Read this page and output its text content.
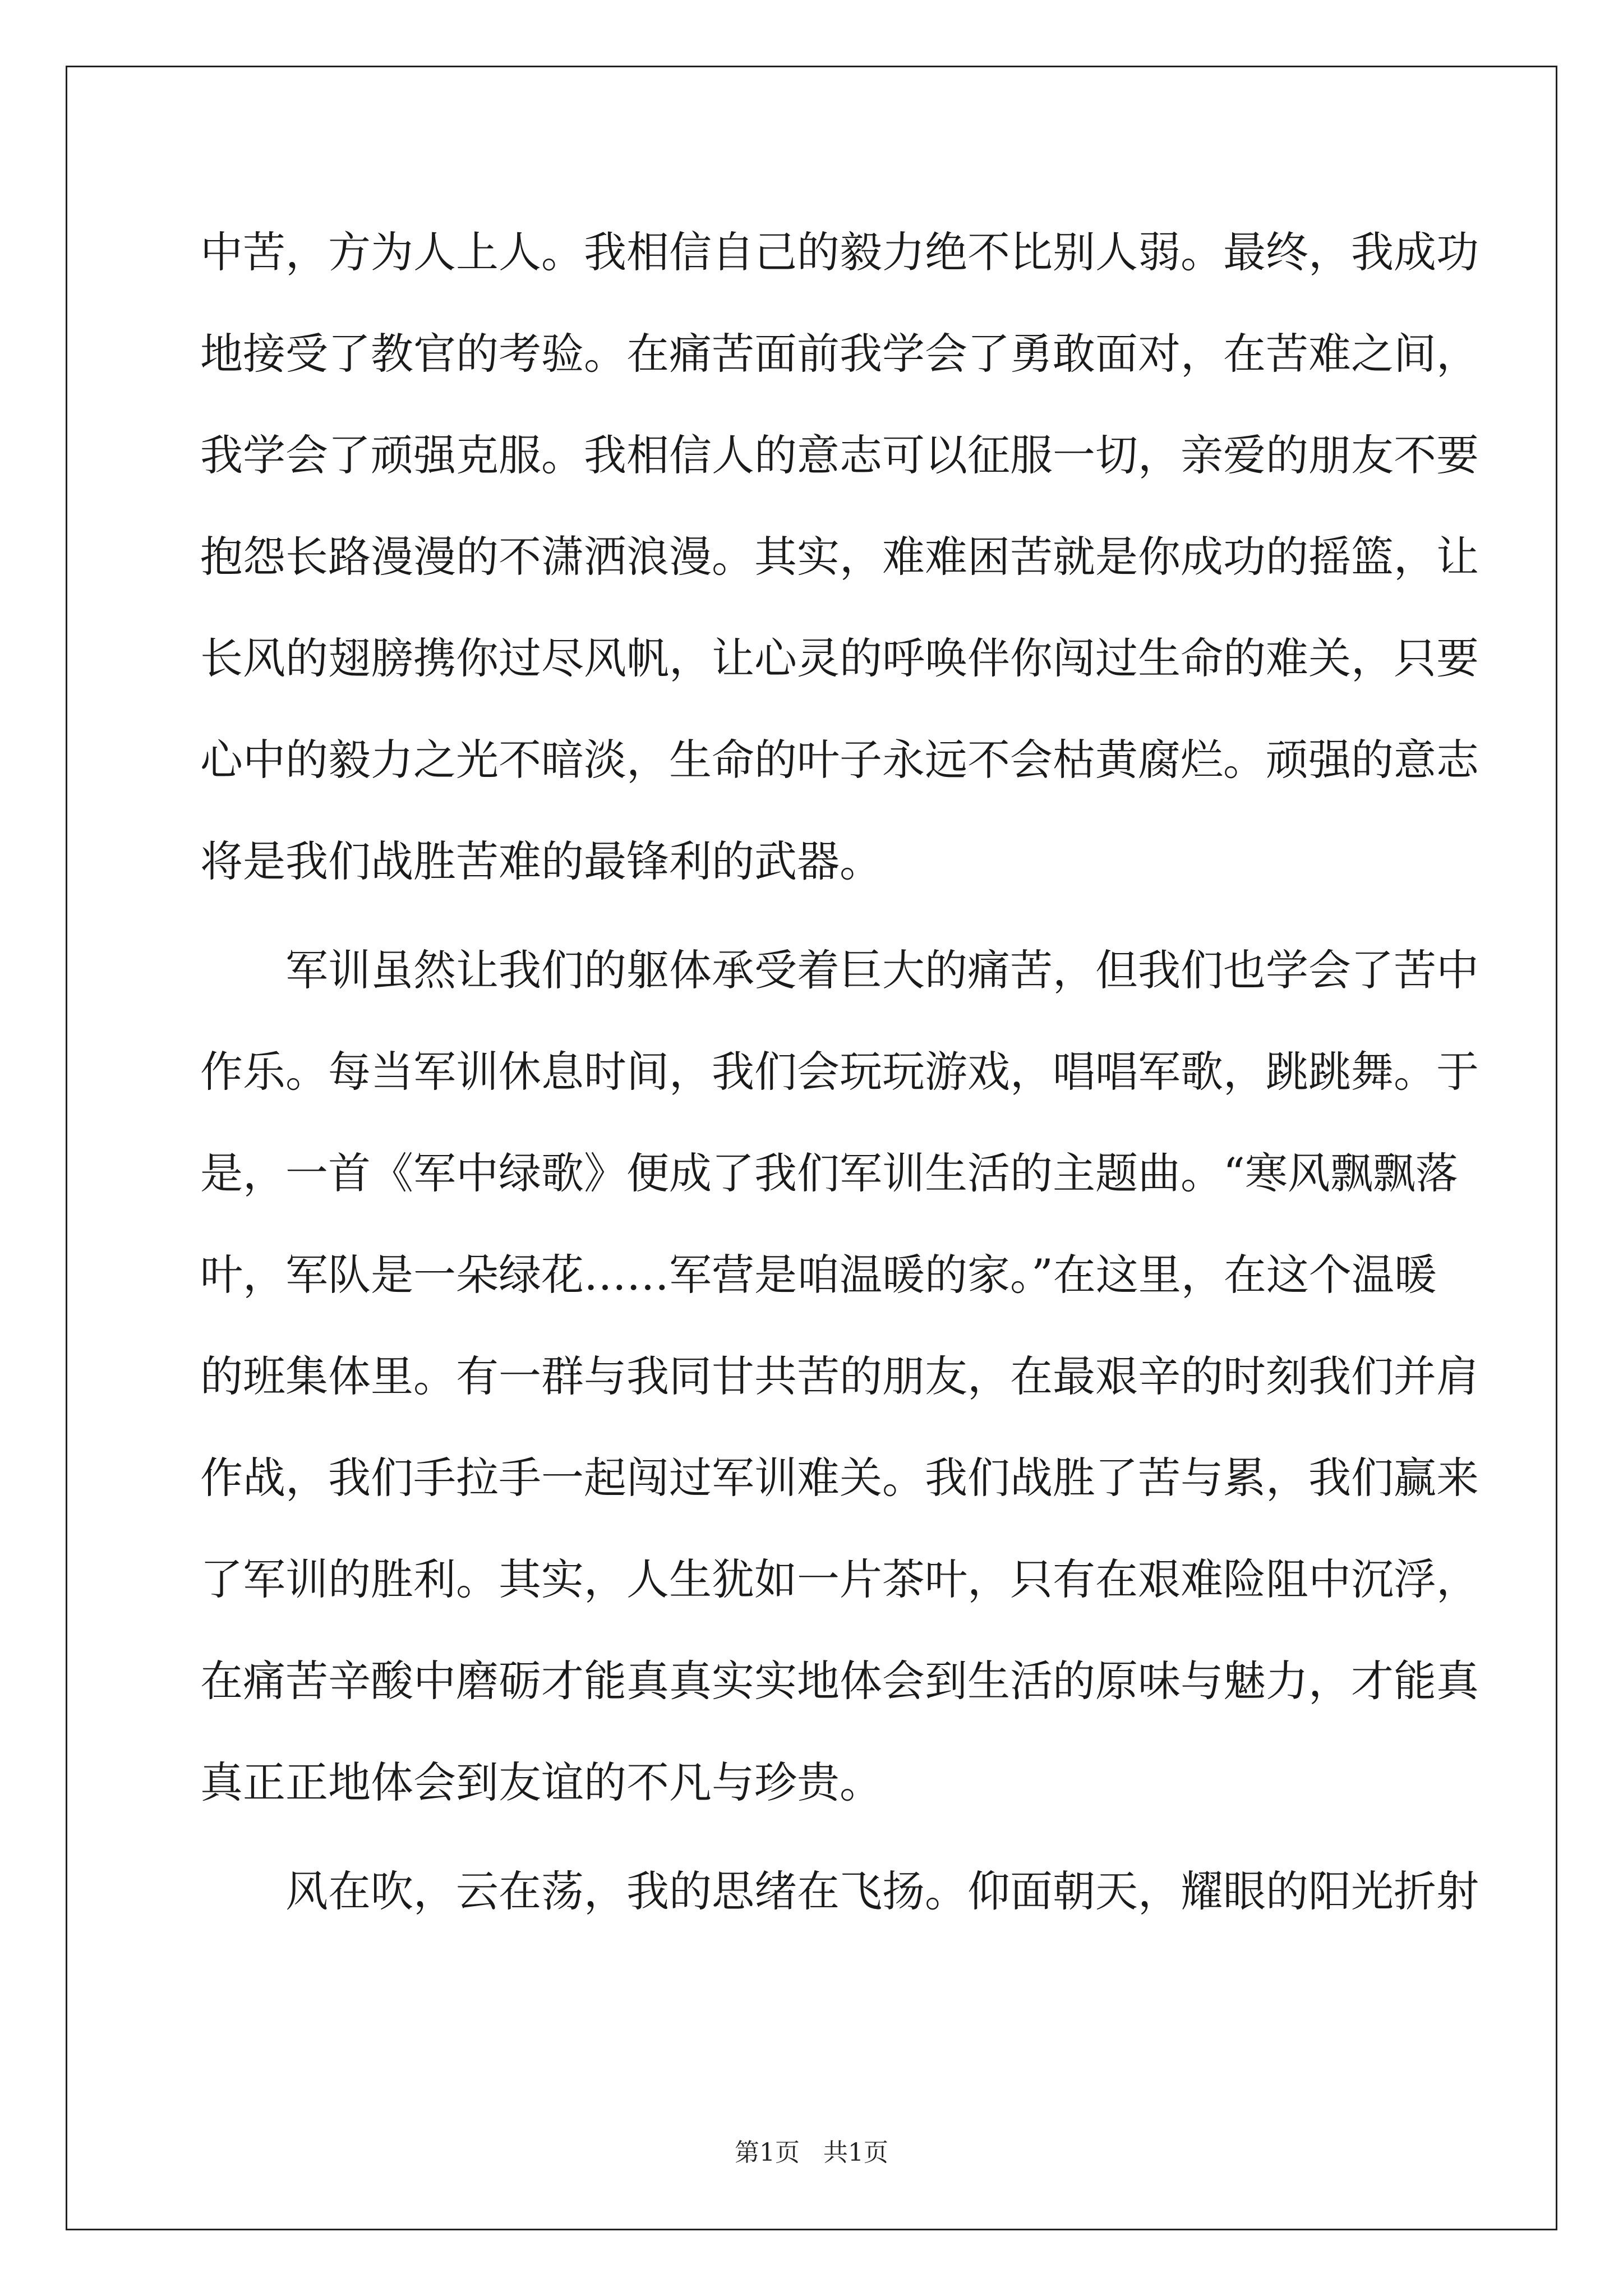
中苦，方为人上人。我相信自己的毅力绝不比别人弱。最终，我成功
地接受了教官的考验。在痛苦面前我学会了勇敢面对，在苦难之间，
我学会了顽强克服。我相信人的意志可以征服一切，亲爱的朋友不要
抱怨长路漫漫的不潇洒浪漫。其实，难难困苦就是你成功的摇篮，让
长风的翅膀携你过尽风帆，让心灵的呼唤伴你闯过生命的难关，只要
心中的毅力之光不暗淡，生命的叶子永远不会枯黄腐烂。顽强的意志
将是我们战胜苦难的最锋利的武器。
军训虽然让我们的躯体承受着巨大的痛苦，但我们也学会了苦中
作乐。每当军训休息时间，我们会玩玩游戏，唱唱军歌，跳跳舞。于
是，一首《军中绿歌》便成了我们军训生活的主题曲。“寒风飘飘落
叶，军队是一朵绿花……军营是咱温暖的家。”在这里，在这个温暖
的班集体里。有一群与我同甘共苦的朋友，在最艰辛的时刻我们并肩
作战，我们手拉手一起闯过军训难关。我们战胜了苦与累，我们赢来
了军训的胜利。其实，人生犹如一片茶叶，只有在艰难险阻中沉浮，
在痛苦辛酸中磨砺才能真真实实地体会到生活的原味与魅力，才能真
真正正地体会到友谊的不凡与珍贵。
风在吹，云在荡，我的思绪在飞扬。仰面朝天，耀眼的阳光折射
第1页   共1页
